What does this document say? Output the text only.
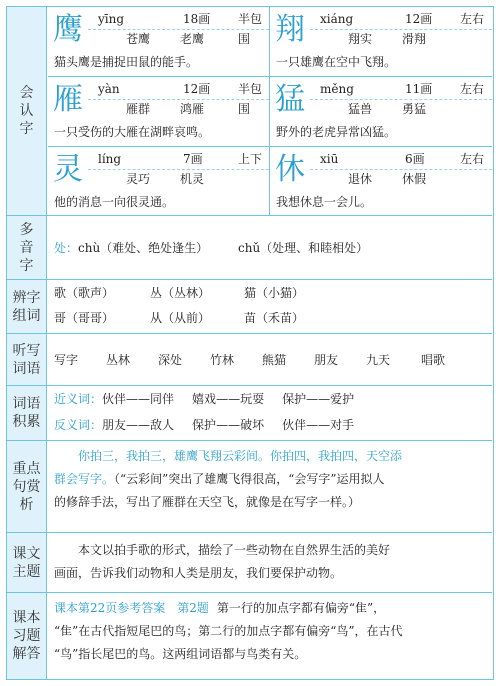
会认字
鹰 yīng	18画 半包围
苍鹰 老鹰
猫头鹰是捕捉田鼠的能手。
翔 xiáng	12画 左右
翔实 滑翔
一只雄鹰在空中飞翔。
雁 yàn	12画 半包围
雁群 鸿雁
一只受伤的大雁在湖畔哀鸣。
猛 měng	11画 左右
猛兽 勇猛
野外的老虎异常凶猛。
灵 líng	7画	上下
灵巧 机灵
他的消息一向很灵通。
休 xiū	6画	左右
退休 休假
我想休息一会儿。
多音字
处： chù（难处、绝处逢生） chǔ（处理、和睦相处）
辨字组词
歌（歌声）	丛（丛林）	猫（小猫）
哥（哥哥）	从（从前）	苗（禾苗）
听写词语
写字 丛林 深处 竹林 熊猫 朋友 九天	唱歌
词语积累
近义词：伙伴——同伴 嬉戏——玩耍 保护——爱护
反义词：朋友——敌人 保护——破坏 伙伴——对手
重点句赏析
你拍三，我拍三，雄鹰飞翔云彩间。你拍四，我拍四，天空添
群会写字。（“云彩间”突出了雄鹰飞得很高，“会写字”运用拟人
的修辞手法，写出了雁群在天空飞，就像是在写字一样。）
课文主题
本文以拍手歌的形式，描绘了一些动物在自然界生活的美好
画面，告诉我们动物和人类是朋友，我们要保护动物。
课本习题解答
课本第22页参考答案　第2题 第一行的加点字都有偏旁“隹”，
“隹”在古代指短尾巴的鸟；第二行的加点字都有偏旁“鸟”，在古代
“鸟”指长尾巴的鸟。这两组词语都与鸟类有关。
